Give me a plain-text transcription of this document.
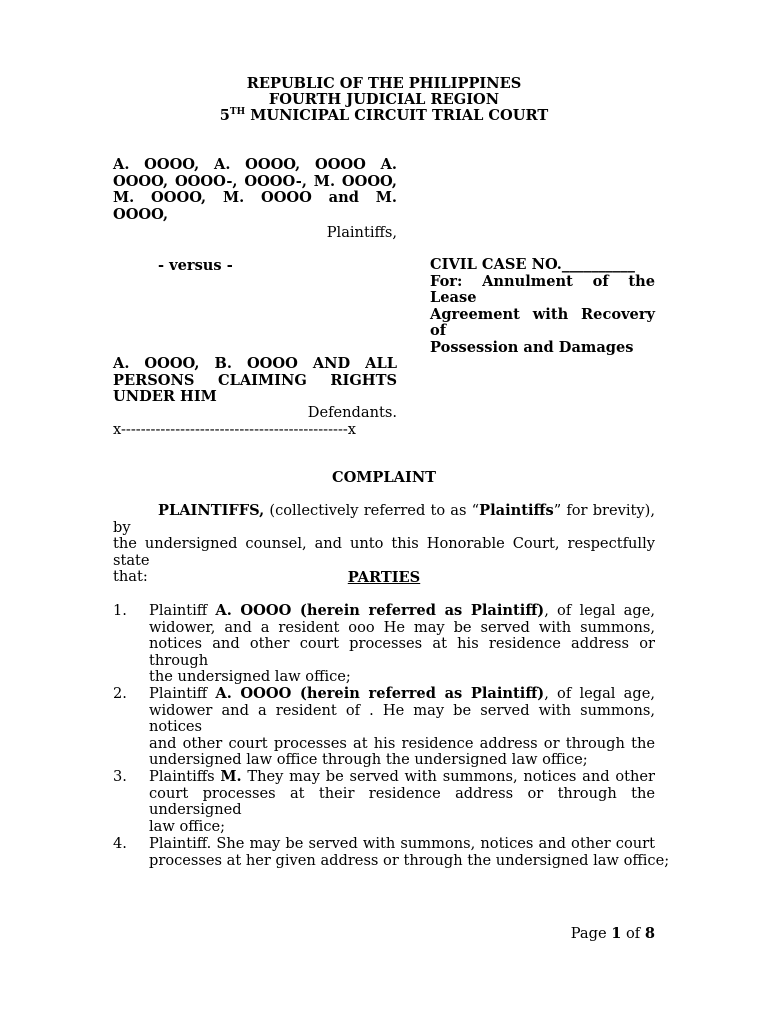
REPUBLIC OF THE PHILIPPINES
FOURTH JUDICIAL REGION
5TH MUNICIPAL CIRCUIT TRIAL COURT
A. OOOO, A. OOOO, OOOO A.
OOOO, OOOO-, OOOO-, M. OOOO,
M. OOOO, M. OOOO and M.
OOOO,
Plaintiffs,
- versus -	CIVIL CASE NO.__________
For: Annulment of the Lease
Agreement with Recovery of
Possession and Damages
A. OOOO, B. OOOO AND ALL
PERSONS CLAIMING RIGHTS
UNDER HIM
Defendants.
x----------------------------------------------x
COMPLAINT
PLAINTIFFS, (collectively referred to as “Plaintiffs” for brevity), by
the undersigned counsel, and unto this Honorable Court, respectfully state
that:	PARTIES
1. Plaintiff A. OOOO (herein referred as Plaintiff), of legal age,
widower, and a resident ooo He may be served with summons,
notices and other court processes at his residence address or through
the undersigned law office;
2. Plaintiff A. OOOO (herein referred as Plaintiff), of legal age,
widower and a resident of . He may be served with summons, notices
and other court processes at his residence address or through the
undersigned law office through the undersigned law office;
3. Plaintiffs M. They may be served with summons, notices and other
court processes at their residence address or through the undersigned
law office;
4. Plaintiff. She may be served with summons, notices and other court
processes at her given address or through the undersigned law office;
Page 1 of 8
